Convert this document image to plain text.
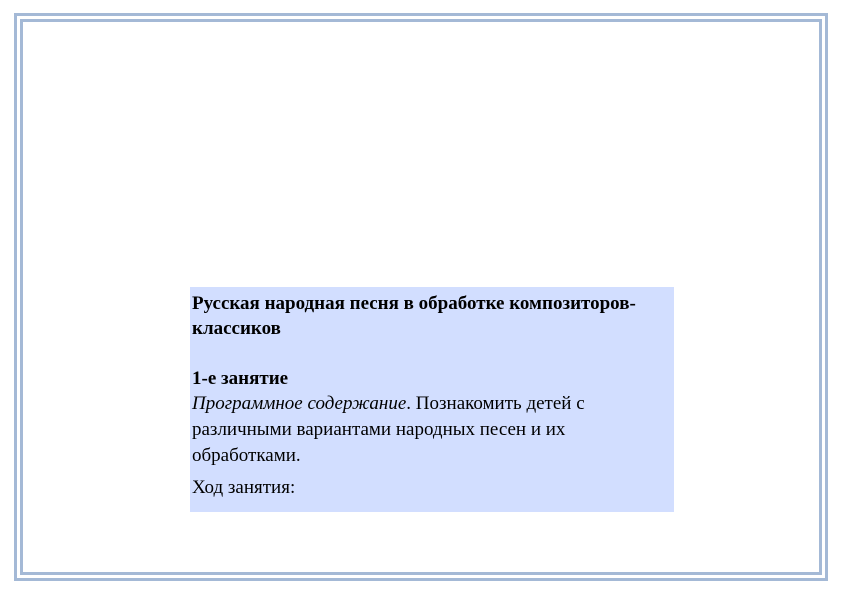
Русская народная песня в обработке композиторов-классиков

1-е занятие

Программное содержание. Познакомить детей с различными вариантами народных песен и их обработками.

Ход занятия:
